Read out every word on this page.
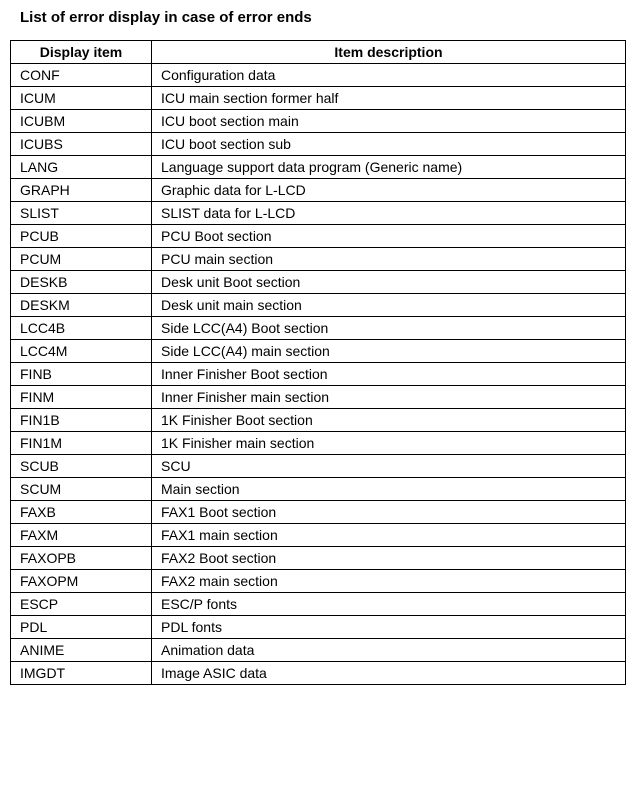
List of error display in case of error ends
Display item	Item description
CONF	Configuration data
ICUM	ICU main section former half
ICUBM	ICU boot section main
ICUBS	ICU boot section sub
LANG	Language support data program (Generic name)
GRAPH	Graphic data for L-LCD
SLIST	SLIST data for L-LCD
PCUB	PCU Boot section
PCUM	PCU main section
DESKB	Desk unit Boot section
DESKM	Desk unit main section
LCC4B	Side LCC(A4) Boot section
LCC4M	Side LCC(A4) main section
FINB	Inner Finisher Boot section
FINM	Inner Finisher main section
FIN1B	1K Finisher Boot section
FIN1M	1K Finisher main section
SCUB	SCU
SCUM	Main section
FAXB	FAX1 Boot section
FAXM	FAX1 main section
FAXOPB	FAX2 Boot section
FAXOPM	FAX2 main section
ESCP	ESC/P fonts
PDL	PDL fonts
ANIME	Animation data
IMGDT	Image ASIC data
